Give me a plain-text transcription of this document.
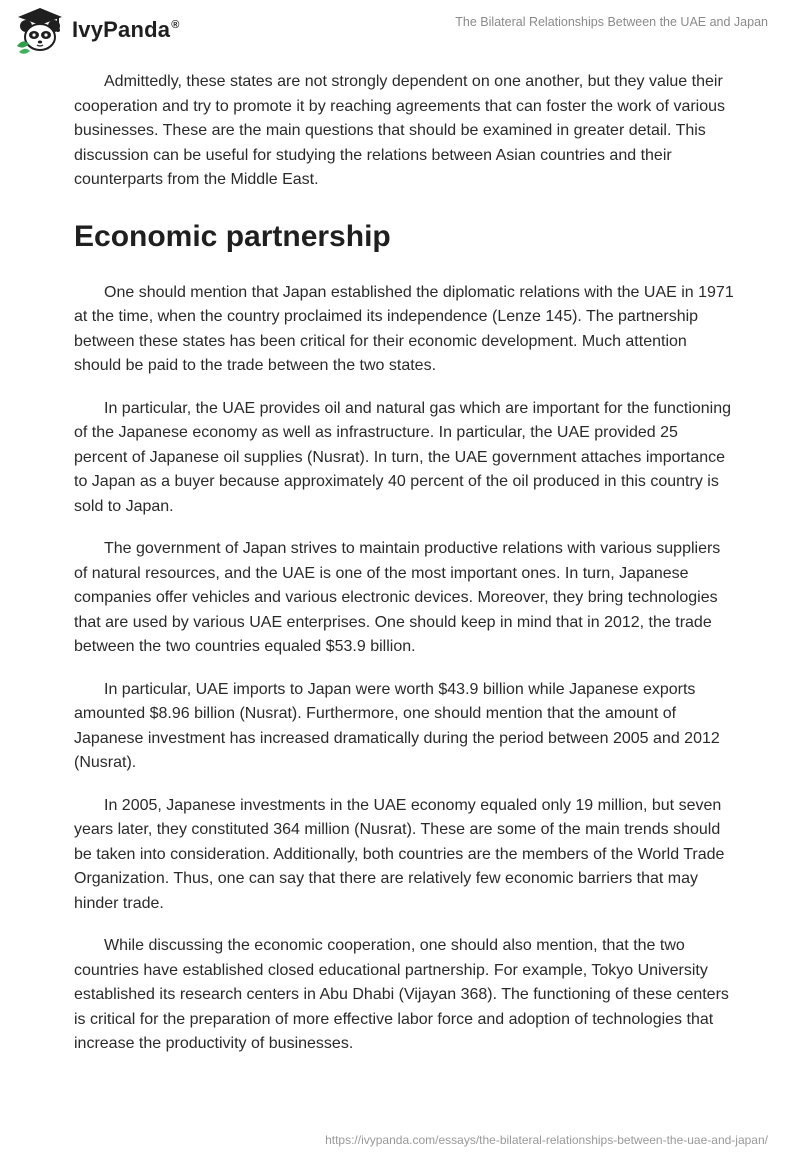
IvyPanda®	The Bilateral Relationships Between the UAE and Japan

Admittedly, these states are not strongly dependent on one another, but they value their cooperation and try to promote it by reaching agreements that can foster the work of various businesses. These are the main questions that should be examined in greater detail. This discussion can be useful for studying the relations between Asian countries and their counterparts from the Middle East.

Economic partnership

One should mention that Japan established the diplomatic relations with the UAE in 1971 at the time, when the country proclaimed its independence (Lenze 145). The partnership between these states has been critical for their economic development. Much attention should be paid to the trade between the two states.

In particular, the UAE provides oil and natural gas which are important for the functioning of the Japanese economy as well as infrastructure. In particular, the UAE provided 25 percent of Japanese oil supplies (Nusrat). In turn, the UAE government attaches importance to Japan as a buyer because approximately 40 percent of the oil produced in this country is sold to Japan.

The government of Japan strives to maintain productive relations with various suppliers of natural resources, and the UAE is one of the most important ones. In turn, Japanese companies offer vehicles and various electronic devices. Moreover, they bring technologies that are used by various UAE enterprises. One should keep in mind that in 2012, the trade between the two countries equaled $53.9 billion.

In particular, UAE imports to Japan were worth $43.9 billion while Japanese exports amounted $8.96 billion (Nusrat). Furthermore, one should mention that the amount of Japanese investment has increased dramatically during the period between 2005 and 2012 (Nusrat).

In 2005, Japanese investments in the UAE economy equaled only 19 million, but seven years later, they constituted 364 million (Nusrat). These are some of the main trends should be taken into consideration. Additionally, both countries are the members of the World Trade Organization. Thus, one can say that there are relatively few economic barriers that may hinder trade.

While discussing the economic cooperation, one should also mention, that the two countries have established closed educational partnership. For example, Tokyo University established its research centers in Abu Dhabi (Vijayan 368). The functioning of these centers is critical for the preparation of more effective labor force and adoption of technologies that increase the productivity of businesses.

https://ivypanda.com/essays/the-bilateral-relationships-between-the-uae-and-japan/
